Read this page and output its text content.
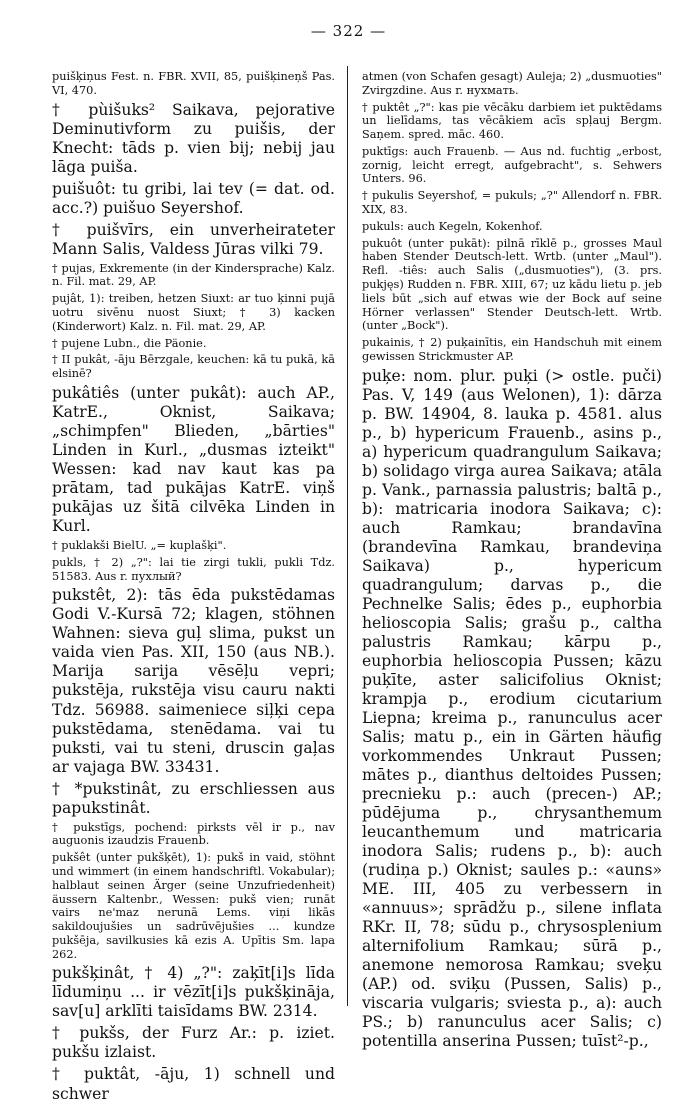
— 322 —

puišķiņus Fest. n. FBR. XVII, 85, puišķineņš Pas. VI, 470.

† pùišuks² Saikava, pejorative Deminutivform zu puišis, der Knecht: tāds p. vien bij; nebij jau lāga puiša.

puišuôt: tu gribi, lai tev (= dat. od. acc.?) puišuo Seyershof.

† puišvīrs, ein unverheirateter Mann Salis, Valdess Jūras vilki 79.

† pujas, Exkremente (in der Kindersprache) Kalz. n. Fil. mat. 29, AP.

pujât, 1): treiben, hetzen Siuxt: ar tuo ķinni pujā uotru sivēnu nuost Siuxt; † 3) kacken (Kinderwort) Kalz. n. Fil. mat. 29, AP.

† pujene Lubn., die Päonie.

† II pukât, -āju Bērzgale, keuchen: kā tu pukā, kā elsinē?

pukâtiês (unter pukât): auch AP., KatrE., Oknist, Saikava; „schimpfen" Blieden, „bārties" Linden in Kurl., „dusmas izteikt" Wessen: kad nav kaut kas pa prātam, tad pukājas KatrE. viņš pukājas uz šitā cilvēka Linden in Kurl.

† puklakši BielU. „= kuplašķi".

pukls, † 2) „?": lai tie zirgi tukli, pukli Tdz. 51583. Aus r. пухлый?

pukstêt, 2): tās ēda pukstēdamas Godi V.-Kursā 72; klagen, stöhnen Wahnen: sieva guļ slima, pukst un vaida vien Pas. XII, 150 (aus NB.). Marija sarija vēsēļu vepri; pukstēja, rukstēja visu cauru nakti Tdz. 56988. saimeniece siļķi cepa pukstēdama, stenēdama. vai tu puksti, vai tu steni, druscin gaļas ar vajaga BW. 33431.

† *pukstinât, zu erschliessen aus papukstinât.

† pukstīgs, pochend: pirksts vēl ir p., nav auguonis izaudzis Frauenb.

pukšêt (unter pukšķēt), 1): pukš in vaid, stöhnt und wimmert (in einem handschriftl. Vokabular); halblaut seinen Ärger (seine Unzufriedenheit) äussern Kaltenbr., Wessen: pukš vien; runāt vairs ne'maz nerunā Lems. viņi likās sakildoujušies un sadrūvējušies ... kundze pukšēja, savilkusies kā ezis A. Upītis Sm. lapa 262.

pukšķinât, † 4) „?": zaķīt[i]s līda līdumiņu ... ir vēzīt[i]s pukšķināja, sav[u] arklīti taisīdams BW. 2314.

† pukšs, der Furz Ar.: p. iziet. pukšu izlaist.

† puktât, -āju, 1) schnell und schwer

atmen (von Schafen gesagt) Auleja; 2) „dusmuoties" Zvirgzdine. Aus r. нухмать.

† puktêt „?": kas pie vēcāku darbiem iet puktēdams un lielīdams, tas vēcākiem acīs spļauj Bergm. Saņem. spred. māc. 460.

puktīgs: auch Frauenb. — Aus nd. fuchtig „erbost, zornig, leicht erregt, aufgebracht", s. Sehwers Unters. 96.

† pukulis Seyershof, = pukuls; „?" Allendorf n. FBR. XIX, 83.

pukuls: auch Kegeln, Kokenhof.

pukuôt (unter pukāt): pilnā rīklē p., grosses Maul haben Stender Deutsch-lett. Wrtb. (unter „Maul"). Refl. -tiês: auch Salis („dusmuoties"), (3. prs. pukjęs) Rudden n. FBR. XIII, 67; uz kādu lietu p. jeb liels būt „sich auf etwas wie der Bock auf seine Hörner verlassen" Stender Deutsch-lett. Wrtb. (unter „Bock").

pukainis, † 2) puķainītis, ein Handschuh mit einem gewissen Strickmuster AP.

puķe: nom. plur. puķi (> ostle. puči) Pas. V, 149 (aus Welonen), 1): dārza p. BW. 14904, 8. lauka p. 4581. alus p., b) hypericum Frauenb., asins p., a) hypericum quadrangulum Saikava; b) solidago virga aurea Saikava; atāla p. Vank., parnassia palustris; baltā p., b): matricaria inodora Saikava; c): auch Ramkau; brandavīna (brandevīna Ramkau, brandeviņa Saikava) p., hypericum quadrangulum; darvas p., die Pechnelke Salis; ēdes p., euphorbia helioscopia Salis; grašu p., caltha palustris Ramkau; kārpu p., euphorbia helioscopia Pussen; kāzu puķīte, aster salicifolius Oknist; krampja p., erodium cicutarium Liepna; kreima p., ranunculus acer Salis; matu p., ein in Gärten häufig vorkommendes Unkraut Pussen; mātes p., dianthus deltoides Pussen; precnieku p.: auch (precen-) AP.; pūdējuma p., chrysanthemum leucanthemum und matricaria inodora Salis; rudens p., b): auch (rudiņa p.) Oknist; saules p.: «auns» ME. III, 405 zu verbessern in «annuus»; sprādžu p., silene inflata RKr. II, 78; sūdu p., chrysosplenium alternifolium Ramkau; sūrā p., anemone nemorosa Ramkau; sveķu (AP.) od. sviķu (Pussen, Salis) p., viscaria vulgaris; sviesta p., a): auch PS.; b) ranunculus acer Salis; c) potentilla anserina Pussen; tuīst²-p.,
